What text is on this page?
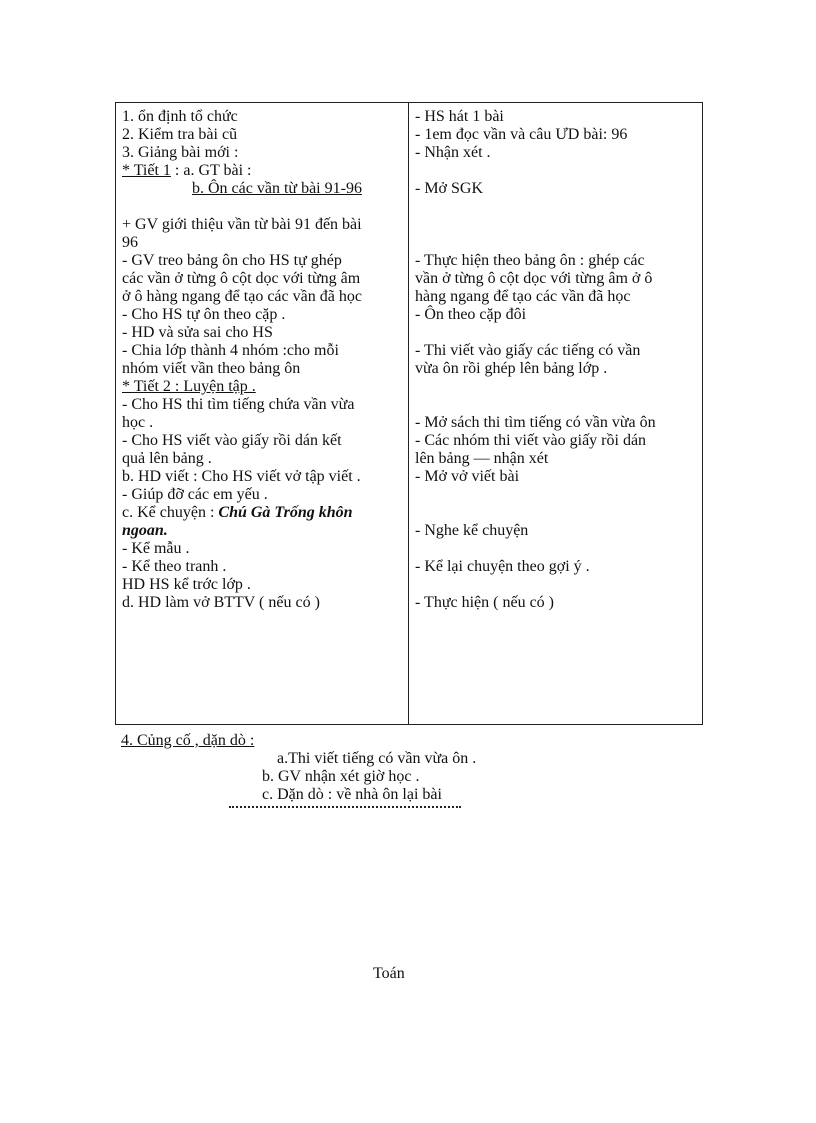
1. ổn định tổ chức
2. Kiểm tra bài cũ
3. Giảng bài mới :
* Tiết 1 : a. GT bài :
b. Ôn các vần từ bài 91-96
+ GV giới thiệu vần từ bài 91 đến bài
96
- GV treo bảng ôn cho HS tự ghép
các vần ở từng ô cột dọc với từng âm
ở ô hàng ngang để tạo các vần đã học
- Cho HS tự ôn theo cặp .
- HD và sửa sai cho HS
- Chia lớp thành 4 nhóm :cho mỗi
nhóm viết vần theo bảng ôn
* Tiết 2 : Luyện tập .
- Cho HS thi tìm tiếng chứa vần vừa
học .
- Cho HS viết vào giấy rồi dán kết
quả lên bảng .
b. HD viết : Cho HS viết vở tập viết .
- Giúp đỡ các em yếu .
c. Kể chuyện : Chú Gà Trống khôn
ngoan.
- Kể mẫu .
- Kể theo tranh .
HD HS kể trớc lớp .
d. HD làm vở BTTV ( nếu có )
- HS hát 1 bài
- 1em đọc vần và câu ƯD bài: 96
- Nhận xét .
- Mở SGK
- Thực hiện theo bảng ôn : ghép các
vần ở từng ô cột dọc với từng âm ở ô
hàng ngang để tạo các vần đã học
- Ôn theo cặp đôi
- Thi viết vào giấy các tiếng có vần
vừa ôn rồi ghép lên bảng lớp .
- Mở sách thi tìm tiếng có vần vừa ôn
- Các nhóm thi viết vào giấy rồi dán
lên bảng — nhận xét
- Mở vở viết bài
- Nghe kể chuyện
- Kể lại chuyện theo gợi ý .
- Thực hiện ( nếu có )
4. Củng cố , dặn dò :
a.Thi viết tiếng có vần vừa ôn .
b. GV nhận xét giờ học .
c. Dặn dò : về nhà ôn lại bài
Toán
